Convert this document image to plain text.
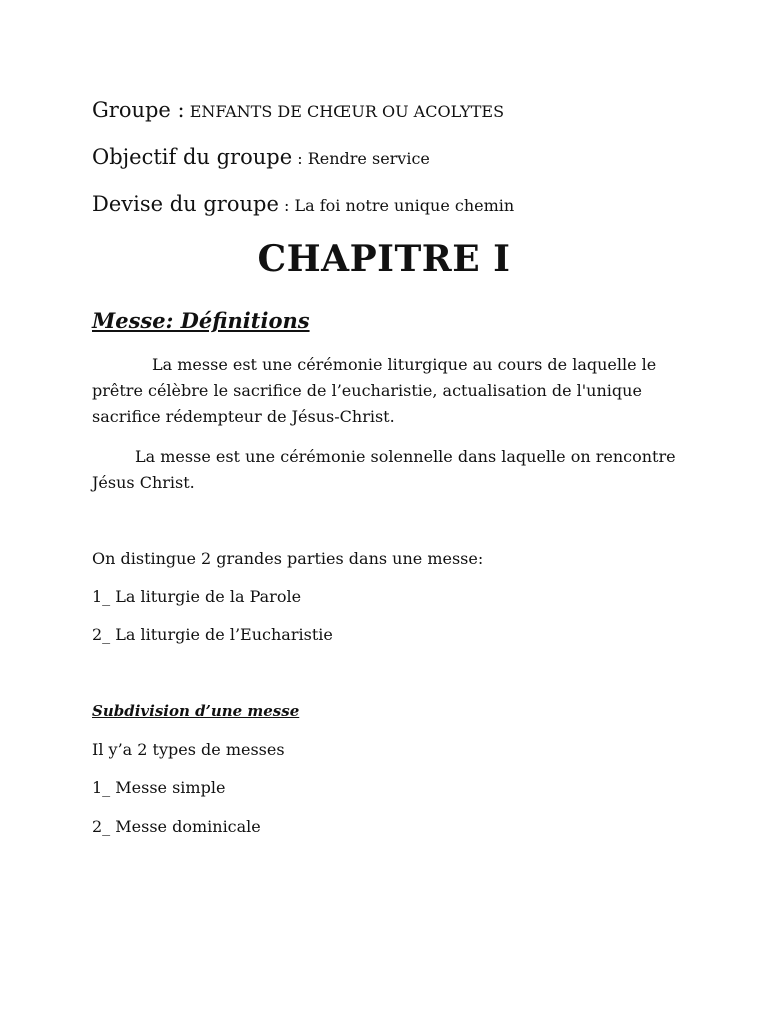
Groupe : ENFANTS DE CHŒUR OU ACOLYTES
Objectif du groupe : Rendre service
Devise du groupe : La foi notre unique chemin
CHAPITRE I
Messe: Définitions

La messe est une cérémonie liturgique au cours de laquelle le prêtre célèbre le sacrifice de l’eucharistie, actualisation de l'unique sacrifice rédempteur de Jésus-Christ.

La messe est une cérémonie solennelle dans laquelle on rencontre Jésus Christ.

On distingue 2 grandes parties dans une messe:
1_ La liturgie de la Parole
2_ La liturgie de l’Eucharistie
Subdivision d’une messe
Il y’a 2 types de messes
1_ Messe simple
2_ Messe dominicale
